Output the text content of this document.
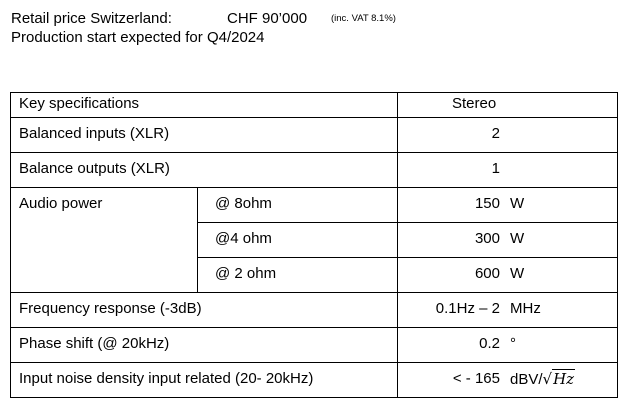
Retail price Switzerland:	CHF 90’000	(inc. VAT 8.1%)
Production start expected for Q4/2024
Key specifications	Stereo
Balanced inputs (XLR)	2
Balance outputs (XLR)	1
Audio power	@ 8ohm	150 W
@4 ohm	300 W
@ 2 ohm	600 W
Frequency response (-3dB)	0.1Hz – 2 MHz
Phase shift (@ 20kHz)	0.2 °
Input noise density input related (20- 20kHz)	< - 165 dBV/√Hz
